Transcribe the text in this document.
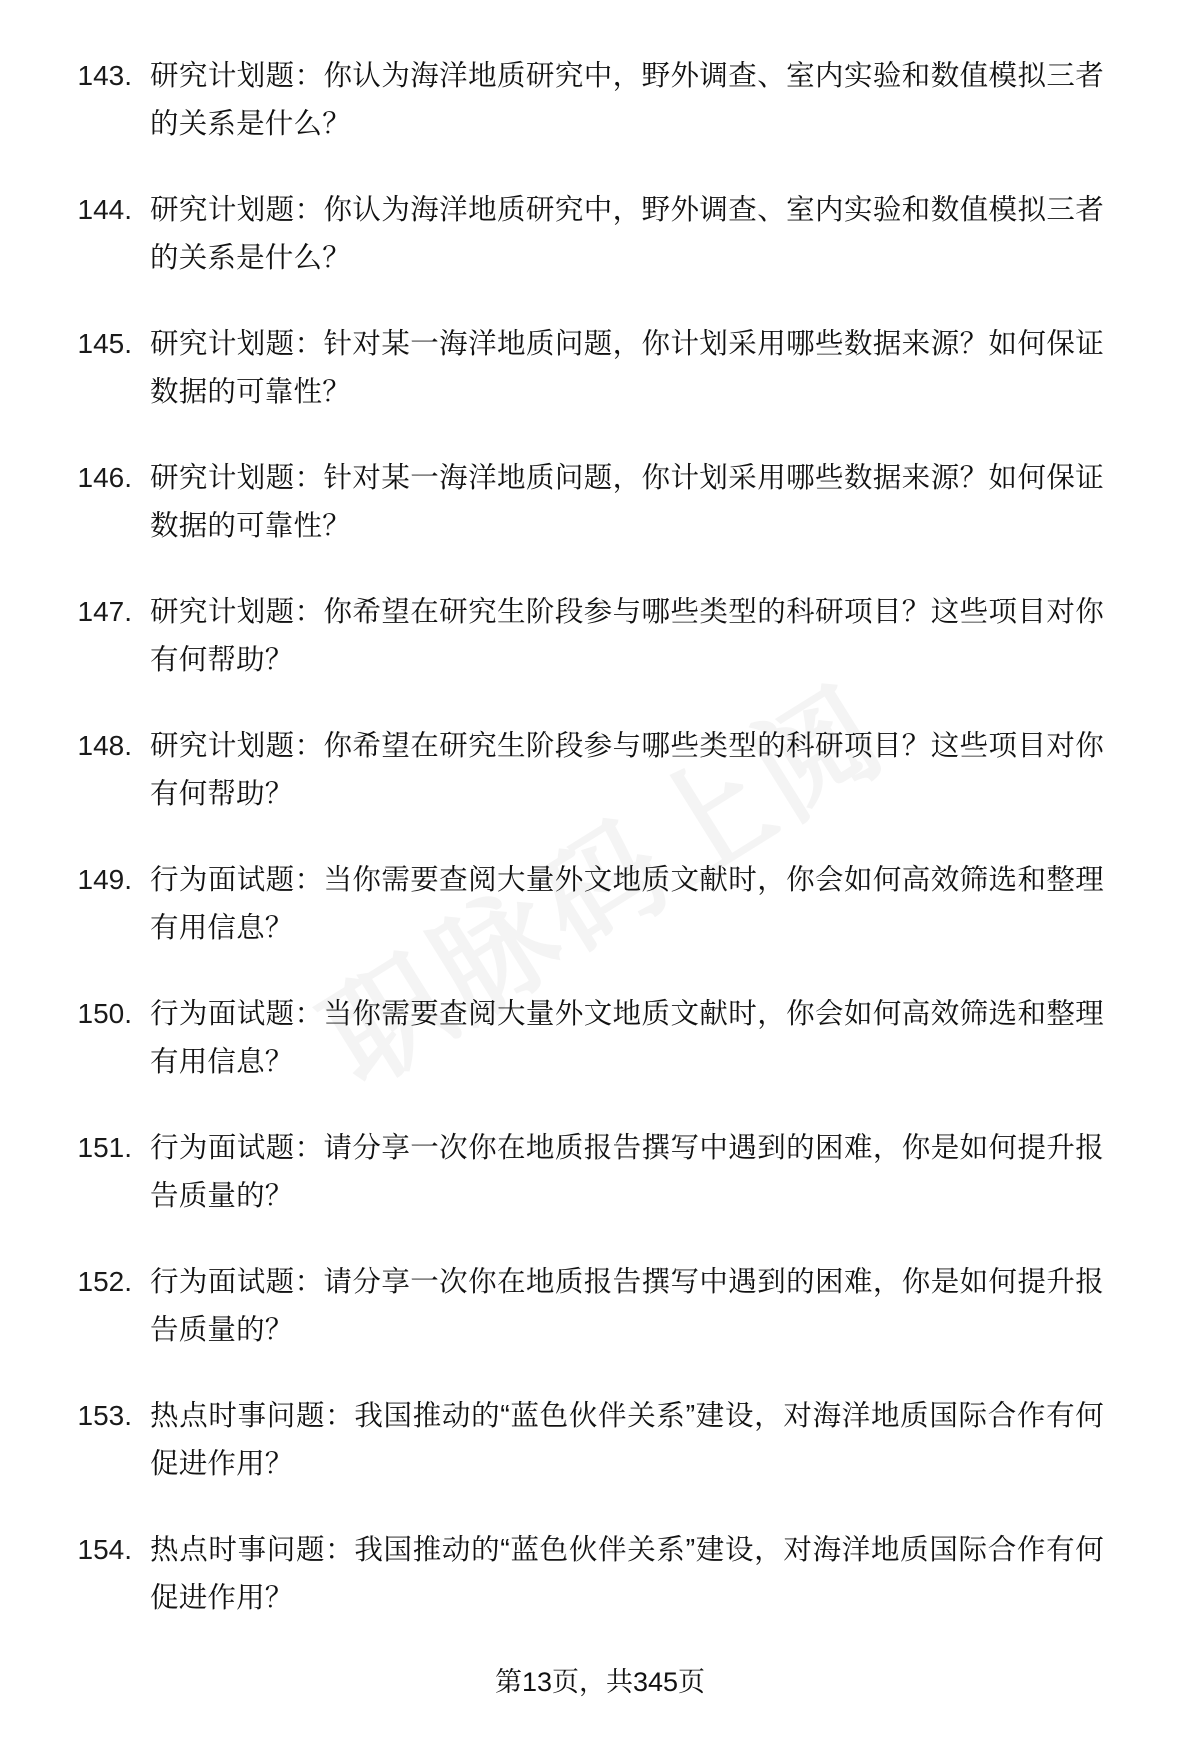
143. 研究计划题：你认为海洋地质研究中，野外调查、室内实验和数值模拟三者的关系是什么？
144. 研究计划题：你认为海洋地质研究中，野外调查、室内实验和数值模拟三者的关系是什么？
145. 研究计划题：针对某一海洋地质问题，你计划采用哪些数据来源？如何保证数据的可靠性？
146. 研究计划题：针对某一海洋地质问题，你计划采用哪些数据来源？如何保证数据的可靠性？
147. 研究计划题：你希望在研究生阶段参与哪些类型的科研项目？这些项目对你有何帮助？
148. 研究计划题：你希望在研究生阶段参与哪些类型的科研项目？这些项目对你有何帮助？
149. 行为面试题：当你需要查阅大量外文地质文献时，你会如何高效筛选和整理有用信息？
150. 行为面试题：当你需要查阅大量外文地质文献时，你会如何高效筛选和整理有用信息？
151. 行为面试题：请分享一次你在地质报告撰写中遇到的困难，你是如何提升报告质量的？
152. 行为面试题：请分享一次你在地质报告撰写中遇到的困难，你是如何提升报告质量的？
153. 热点时事问题：我国推动的“蓝色伙伴关系”建设，对海洋地质国际合作有何促进作用？
154. 热点时事问题：我国推动的“蓝色伙伴关系”建设，对海洋地质国际合作有何促进作用？
第13页，共345页
